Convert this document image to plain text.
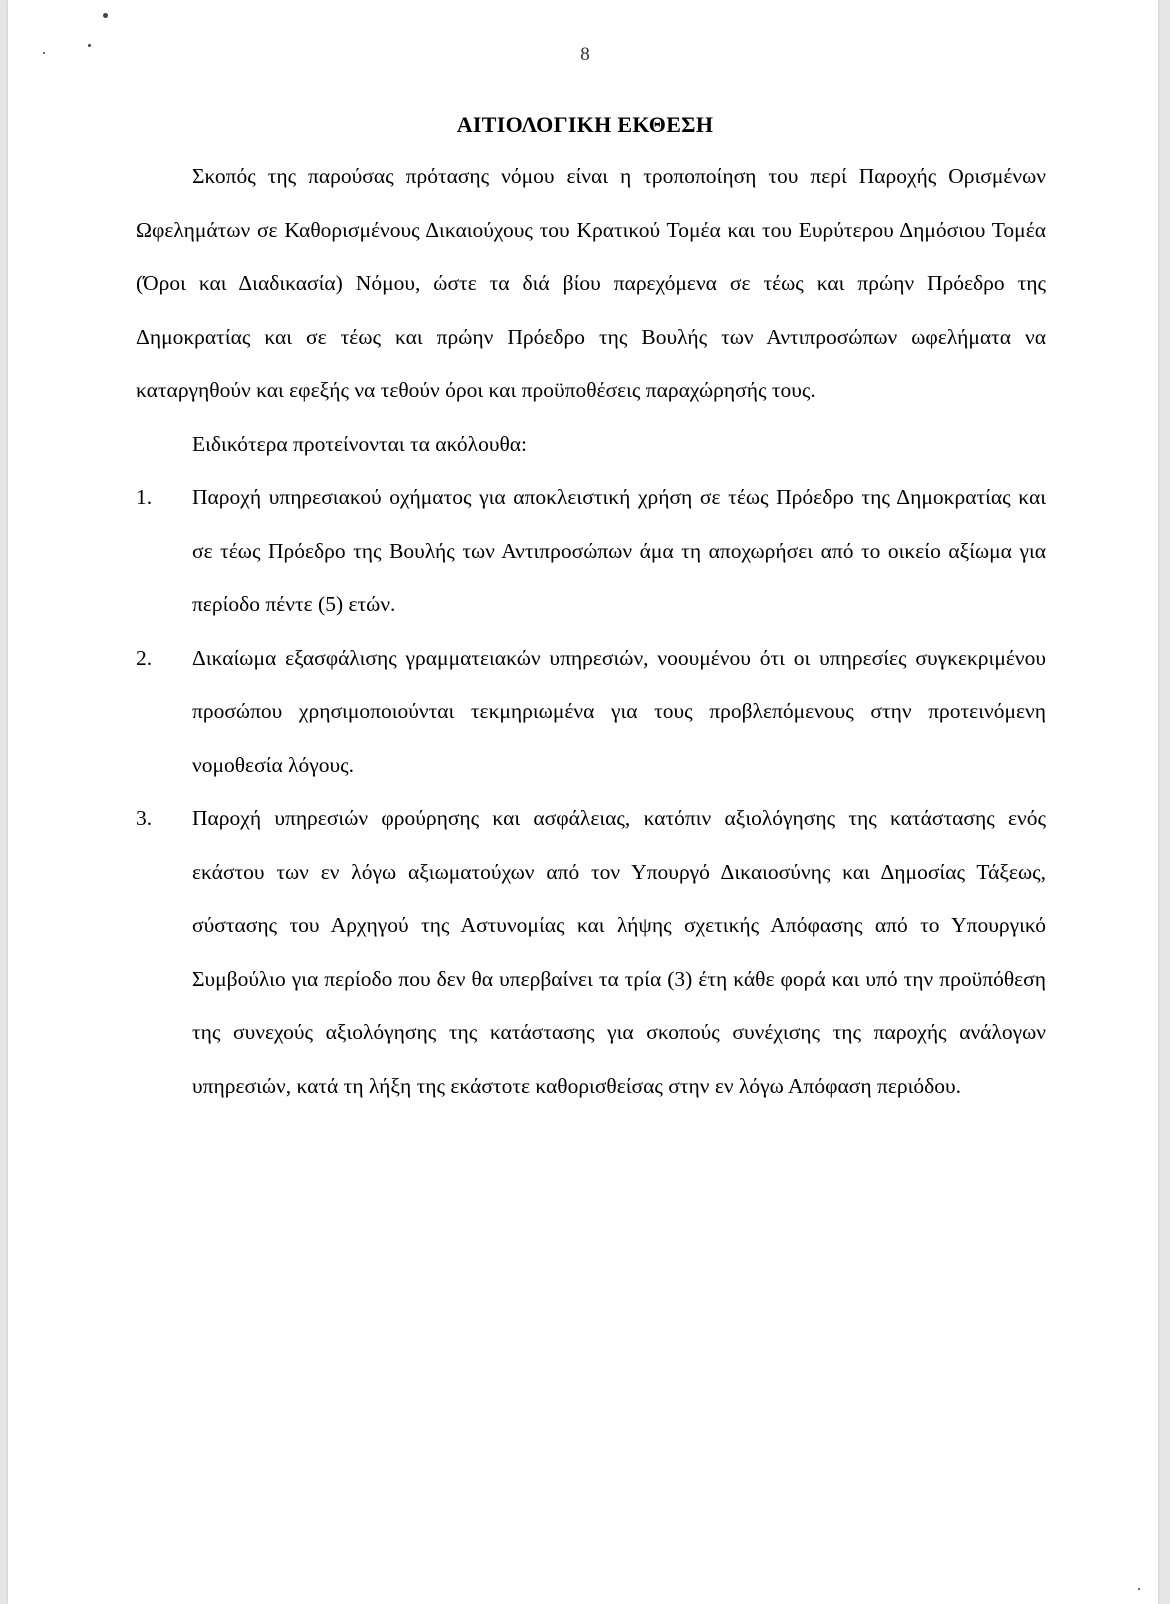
8
ΑΙΤΙΟΛΟΓΙΚΗ ΕΚΘΕΣΗ

Σκοπός της παρούσας πρότασης νόμου είναι η τροποποίηση του περί Παροχής Ορισμένων Ωφελημάτων σε Καθορισμένους Δικαιούχους του Κρατικού Τομέα και του Ευρύτερου Δημόσιου Τομέα (Όροι και Διαδικασία) Νόμου, ώστε τα διά βίου παρεχόμενα σε τέως και πρώην Πρόεδρο της Δημοκρατίας και σε τέως και πρώην Πρόεδρο της Βουλής των Αντιπροσώπων ωφελήματα να καταργηθούν και εφεξής να τεθούν όροι και προϋποθέσεις παραχώρησής τους.

Ειδικότερα προτείνονται τα ακόλουθα:

1.	Παροχή υπηρεσιακού οχήματος για αποκλειστική χρήση σε τέως Πρόεδρο της Δημοκρατίας και σε τέως Πρόεδρο της Βουλής των Αντιπροσώπων άμα τη αποχωρήσει από το οικείο αξίωμα για περίοδο πέντε (5) ετών.
2.	Δικαίωμα εξασφάλισης γραμματειακών υπηρεσιών, νοουμένου ότι οι υπηρεσίες συγκεκριμένου προσώπου χρησιμοποιούνται τεκμηριωμένα για τους προβλεπόμενους στην προτεινόμενη νομοθεσία λόγους.
3.	Παροχή υπηρεσιών φρούρησης και ασφάλειας, κατόπιν αξιολόγησης της κατάστασης ενός εκάστου των εν λόγω αξιωματούχων από τον Υπουργό Δικαιοσύνης και Δημοσίας Τάξεως, σύστασης του Αρχηγού της Αστυνομίας και λήψης σχετικής Απόφασης από το Υπουργικό Συμβούλιο για περίοδο που δεν θα υπερβαίνει τα τρία (3) έτη κάθε φορά και υπό την προϋπόθεση της συνεχούς αξιολόγησης της κατάστασης για σκοπούς συνέχισης της παροχής ανάλογων υπηρεσιών, κατά τη λήξη της εκάστοτε καθορισθείσας στην εν λόγω Απόφαση περιόδου.
